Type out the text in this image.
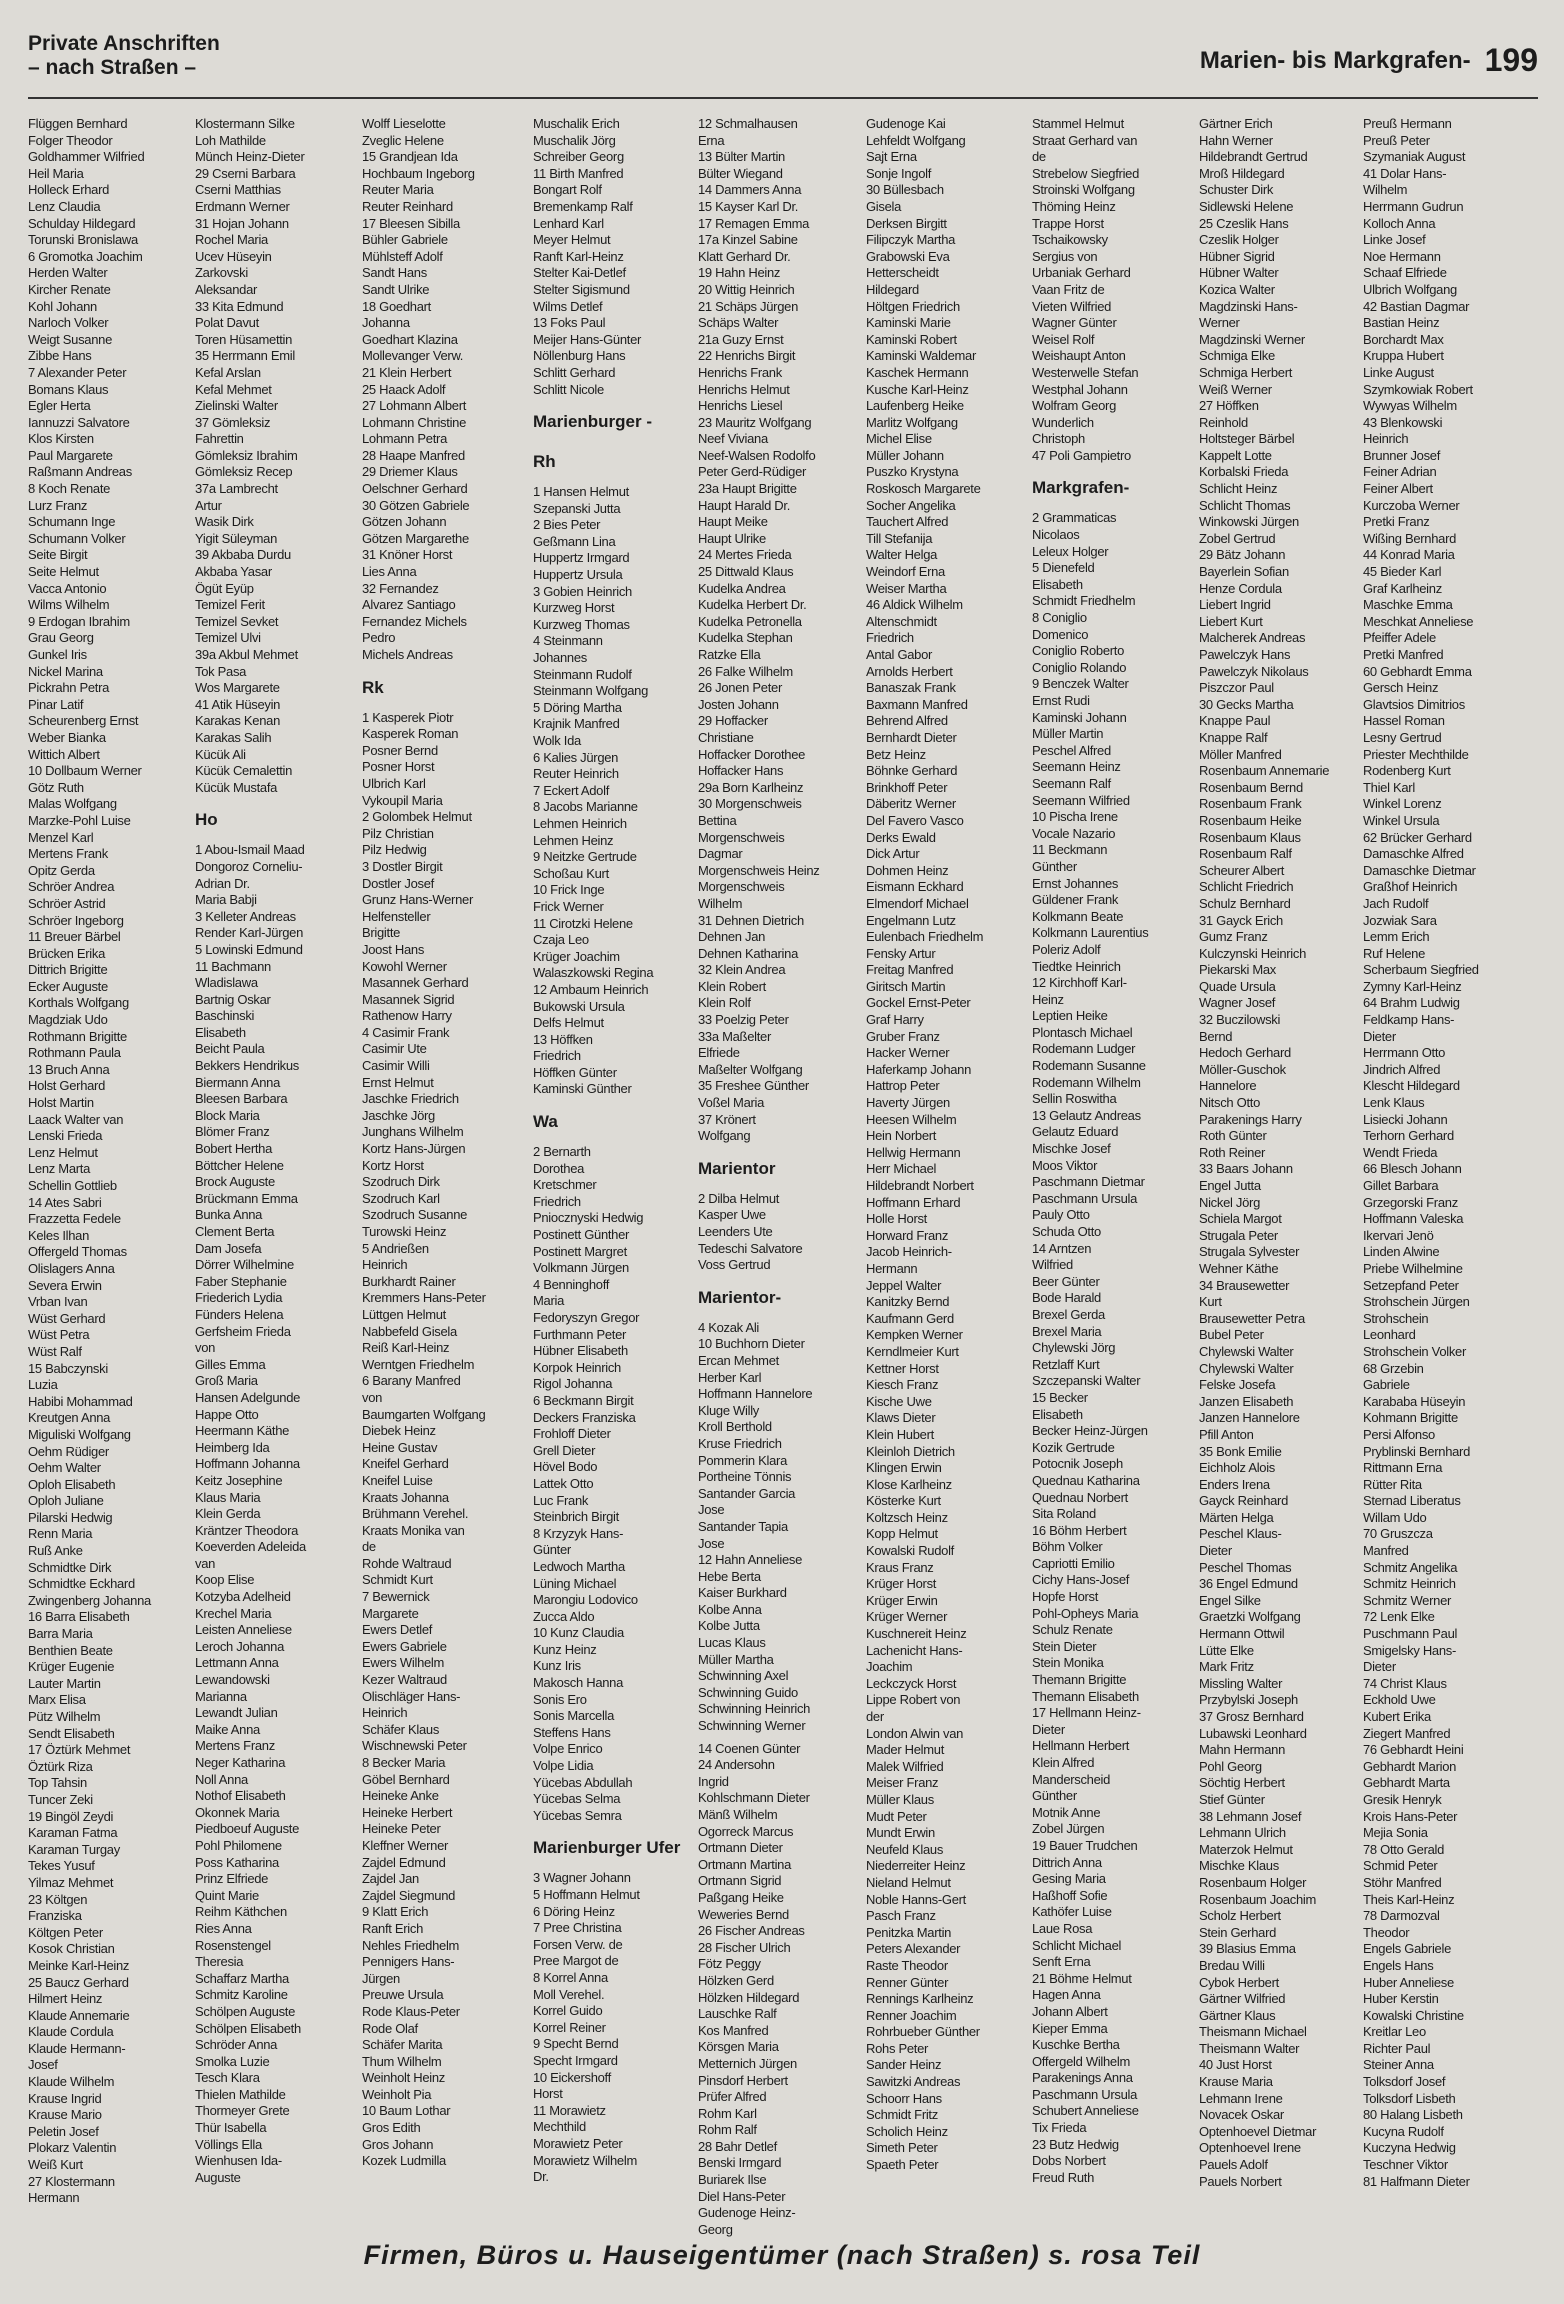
Private Anschriften
– nach Straßen –	Marien- bis Markgrafen- 199
Flüggen Bernhard
Folger Theodor
Goldhammer Wilfried
Heil Maria
Holleck Erhard
Lenz Claudia
Schulday Hildegard
Torunski Bronislawa
6 Gromotka Joachim
Herden Walter
Kircher Renate
Kohl Johann
Narloch Volker
Weigt Susanne
Zibbe Hans
7 Alexander Peter
Bomans Klaus
Egler Herta
Iannuzzi Salvatore
Klos Kirsten
Paul Margarete
Raßmann Andreas
8 Koch Renate
Lurz Franz
Schumann Inge
Schumann Volker
Seite Birgit
Seite Helmut
Vacca Antonio
Wilms Wilhelm
9 Erdogan Ibrahim
Grau Georg
Gunkel Iris
Nickel Marina
Pickrahn Petra
Pinar Latif
Scheurenberg Ernst
Weber Bianka
Wittich Albert
10 Dollbaum Werner
Götz Ruth
Malas Wolfgang
Marzke-Pohl Luise
Menzel Karl
Mertens Frank
Opitz Gerda
Schröer Andrea
Schröer Astrid
Schröer Ingeborg
11 Breuer Bärbel
Brücken Erika
Dittrich Brigitte
Ecker Auguste
Korthals Wolfgang
Magdziak Udo
Rothmann Brigitte
Rothmann Paula
13 Bruch Anna
Holst Gerhard
Holst Martin
Laack Walter van
Lenski Frieda
Lenz Helmut
Lenz Marta
Schellin Gottlieb
14 Ates Sabri
Frazzetta Fedele
Keles Ilhan
Offergeld Thomas
Olislagers Anna
Severa Erwin
Vrban Ivan
Wüst Gerhard
Wüst Petra
Wüst Ralf
15 Babczynski
Luzia
Habibi Mohammad
Kreutgen Anna
Miguliski Wolfgang
Oehm Rüdiger
Oehm Walter
Oploh Elisabeth
Oploh Juliane
Pilarski Hedwig
Renn Maria
Ruß Anke
Schmidtke Dirk
Schmidtke Eckhard
Zwingenberg Johanna
16 Barra Elisabeth
Barra Maria
Benthien Beate
Krüger Eugenie
Lauter Martin
Marx Elisa
Pütz Wilhelm
Sendt Elisabeth
17 Öztürk Mehmet
Öztürk Riza
Top Tahsin
Tuncer Zeki
19 Bingöl Zeydi
Karaman Fatma
Karaman Turgay
Tekes Yusuf
Yilmaz Mehmet
23 Költgen
Franziska
Költgen Peter
Kosok Christian
Meinke Karl-Heinz
25 Baucz Gerhard
Hilmert Heinz
Klaude Annemarie
Klaude Cordula
Klaude Hermann-
Josef
Klaude Wilhelm
Krause Ingrid
Krause Mario
Peletin Josef
Plokarz Valentin
Weiß Kurt
27 Klostermann
Hermann
Klostermann Silke
Loh Mathilde
Münch Heinz-Dieter
29 Cserni Barbara
Cserni Matthias
Erdmann Werner
31 Hojan Johann
Rochel Maria
Ucev Hüseyin
Zarkovski
Aleksandar
33 Kita Edmund
Polat Davut
Toren Hüsamettin
35 Herrmann Emil
Kefal Arslan
Kefal Mehmet
Zielinski Walter
37 Gömleksiz
Fahrettin
Gömleksiz Ibrahim
Gömleksiz Recep
37a Lambrecht
Artur
Wasik Dirk
Yigit Süleyman
39 Akbaba Durdu
Akbaba Yasar
Ögüt Eyüp
Temizel Ferit
Temizel Sevket
Temizel Ulvi
39a Akbul Mehmet
Tok Pasa
Wos Margarete
41 Atik Hüseyin
Karakas Kenan
Karakas Salih
Kücük Ali
Kücük Cemalettin
Kücük Mustafa
Ho
1 Abou-Ismail Maad
Dongoroz Corneliu-
Adrian Dr.
Maria Babji
3 Kelleter Andreas
Render Karl-Jürgen
5 Lowinski Edmund
11 Bachmann
Wladislawa
Bartnig Oskar
Baschinski
Elisabeth
Beicht Paula
Bekkers Hendrikus
Biermann Anna
Bleesen Barbara
Block Maria
Blömer Franz
Bobert Hertha
Böttcher Helene
Brock Auguste
Brückmann Emma
Bunka Anna
Clement Berta
Dam Josefa
Dörrer Wilhelmine
Faber Stephanie
Friederich Lydia
Fünders Helena
Gerfsheim Frieda
von
Gilles Emma
Groß Maria
Hansen Adelgunde
Happe Otto
Heermann Käthe
Heimberg Ida
Hoffmann Johanna
Keitz Josephine
Klaus Maria
Klein Gerda
Kräntzer Theodora
Koeverden Adeleida
van
Koop Elise
Kotzyba Adelheid
Krechel Maria
Leisten Anneliese
Leroch Johanna
Lettmann Anna
Lewandowski
Marianna
Lewandt Julian
Maike Anna
Mertens Franz
Neger Katharina
Noll Anna
Nothof Elisabeth
Okonnek Maria
Piedboeuf Auguste
Pohl Philomene
Poss Katharina
Prinz Elfriede
Quint Marie
Reihm Käthchen
Ries Anna
Rosenstengel
Theresia
Schaffarz Martha
Schmitz Karoline
Schölpen Auguste
Schölpen Elisabeth
Schröder Anna
Smolka Luzie
Tesch Klara
Thielen Mathilde
Thormeyer Grete
Thür Isabella
Völlings Ella
Wienhusen Ida-
Auguste
Wolff Lieselotte
Zveglic Helene
15 Grandjean Ida
Hochbaum Ingeborg
Reuter Maria
Reuter Reinhard
17 Bleesen Sibilla
Bühler Gabriele
Mühlsteff Adolf
Sandt Hans
Sandt Ulrike
18 Goedhart
Johanna
Goedhart Klazina
Mollevanger Verw.
21 Klein Herbert
25 Haack Adolf
27 Lohmann Albert
Lohmann Christine
Lohmann Petra
28 Haape Manfred
29 Driemer Klaus
Oelschner Gerhard
30 Götzen Gabriele
Götzen Johann
Götzen Margarethe
31 Knöner Horst
Lies Anna
32 Fernandez
Alvarez Santiago
Fernandez Michels
Pedro
Michels Andreas
Rk
1 Kasperek Piotr
Kasperek Roman
Posner Bernd
Posner Horst
Ulbrich Karl
Vykoupil Maria
2 Golombek Helmut
Pilz Christian
Pilz Hedwig
3 Dostler Birgit
Dostler Josef
Grunz Hans-Werner
Helfensteller
Brigitte
Joost Hans
Kowohl Werner
Masannek Gerhard
Masannek Sigrid
Rathenow Harry
4 Casimir Frank
Casimir Ute
Casimir Willi
Ernst Helmut
Jaschke Friedrich
Jaschke Jörg
Junghans Wilhelm
Kortz Hans-Jürgen
Kortz Horst
Szodruch Dirk
Szodruch Karl
Szodruch Susanne
Turowski Heinz
5 Andrießen
Heinrich
Burkhardt Rainer
Kremmers Hans-Peter
Lüttgen Helmut
Nabbefeld Gisela
Reiß Karl-Heinz
Werntgen Friedhelm
6 Barany Manfred
von
Baumgarten Wolfgang
Diebek Heinz
Heine Gustav
Kneifel Gerhard
Kneifel Luise
Kraats Johanna
Brühmann Verehel.
Kraats Monika van
de
Rohde Waltraud
Schmidt Kurt
7 Bewernick
Margarete
Ewers Detlef
Ewers Gabriele
Ewers Wilhelm
Kezer Waltraud
Olischläger Hans-
Heinrich
Schäfer Klaus
Wischnewski Peter
8 Becker Maria
Göbel Bernhard
Heineke Anke
Heineke Herbert
Heineke Peter
Kleffner Werner
Zajdel Edmund
Zajdel Jan
Zajdel Siegmund
9 Klatt Erich
Ranft Erich
Nehles Friedhelm
Pennigers Hans-
Jürgen
Preuwe Ursula
Rode Klaus-Peter
Rode Olaf
Schäfer Marita
Thum Wilhelm
Weinholt Heinz
Weinholt Pia
10 Baum Lothar
Gros Edith
Gros Johann
Kozek Ludmilla
Muschalik Erich
Muschalik Jörg
Schreiber Georg
11 Birth Manfred
Bongart Rolf
Bremenkamp Ralf
Lenhard Karl
Meyer Helmut
Ranft Karl-Heinz
Stelter Kai-Detlef
Stelter Sigismund
Wilms Detlef
13 Foks Paul
Meijer Hans-Günter
Nöllenburg Hans
Schlitt Gerhard
Schlitt Nicole
Marienburger -
Rh
1 Hansen Helmut
Szepanski Jutta
2 Bies Peter
Geßmann Lina
Huppertz Irmgard
Huppertz Ursula
3 Gobien Heinrich
Kurzweg Horst
Kurzweg Thomas
4 Steinmann
Johannes
Steinmann Rudolf
Steinmann Wolfgang
5 Döring Martha
Krajnik Manfred
Wolk Ida
6 Kalies Jürgen
Reuter Heinrich
7 Eckert Adolf
8 Jacobs Marianne
Lehmen Heinrich
Lehmen Heinz
9 Neitzke Gertrude
Schoßau Kurt
10 Frick Inge
Frick Werner
11 Cirotzki Helene
Czaja Leo
Krüger Joachim
Walaszkowski Regina
12 Ambaum Heinrich
Bukowski Ursula
Delfs Helmut
13 Höffken
Friedrich
Höffken Günter
Kaminski Günther
Wa
2 Bernarth
Dorothea
Kretschmer
Friedrich
Pniocznyski Hedwig
Postinett Günther
Postinett Margret
Volkmann Jürgen
4 Benninghoff
Maria
Fedoryszyn Gregor
Furthmann Peter
Hübner Elisabeth
Korpok Heinrich
Rigol Johanna
6 Beckmann Birgit
Deckers Franziska
Frohloff Dieter
Grell Dieter
Hövel Bodo
Lattek Otto
Luc Frank
Steinbrich Birgit
8 Krzyzyk Hans-
Günter
Ledwoch Martha
Lüning Michael
Marongiu Lodovico
Zucca Aldo
10 Kunz Claudia
Kunz Heinz
Kunz Iris
Makosch Hanna
Sonis Ero
Sonis Marcella
Steffens Hans
Volpe Enrico
Volpe Lidia
Yücebas Abdullah
Yücebas Selma
Yücebas Semra
Marienburger Ufer
3 Wagner Johann
5 Hoffmann Helmut
6 Döring Heinz
7 Pree Christina
Forsen Verw. de
Pree Margot de
8 Korrel Anna
Moll Verehel.
Korrel Guido
Korrel Reiner
9 Specht Bernd
Specht Irmgard
10 Eickershoff
Horst
11 Morawietz
Mechthild
Morawietz Peter
Morawietz Wilhelm
Dr.
12 Schmalhausen
Erna
13 Bülter Martin
Bülter Wiegand
14 Dammers Anna
15 Kayser Karl Dr.
17 Remagen Emma
17a Kinzel Sabine
Klatt Gerhard Dr.
19 Hahn Heinz
20 Wittig Heinrich
21 Schäps Jürgen
Schäps Walter
21a Guzy Ernst
22 Henrichs Birgit
Henrichs Frank
Henrichs Helmut
Henrichs Liesel
23 Mauritz Wolfgang
Neef Viviana
Neef-Walsen Rodolfo
Peter Gerd-Rüdiger
23a Haupt Brigitte
Haupt Harald Dr.
Haupt Meike
Haupt Ulrike
24 Mertes Frieda
25 Dittwald Klaus
Kudelka Andrea
Kudelka Herbert Dr.
Kudelka Petronella
Kudelka Stephan
Ratzke Ella
26 Falke Wilhelm
26 Jonen Peter
Josten Johann
29 Hoffacker
Christiane
Hoffacker Dorothee
Hoffacker Hans
29a Born Karlheinz
30 Morgenschweis
Bettina
Morgenschweis
Dagmar
Morgenschweis Heinz
Morgenschweis
Wilhelm
31 Dehnen Dietrich
Dehnen Jan
Dehnen Katharina
32 Klein Andrea
Klein Robert
Klein Rolf
33 Poelzig Peter
33a Maßelter
Elfriede
Maßelter Wolfgang
35 Freshee Günther
Voßel Maria
37 Krönert
Wolfgang
Marientor
2 Dilba Helmut
Kasper Uwe
Leenders Ute
Tedeschi Salvatore
Voss Gertrud
Marientor-
4 Kozak Ali
10 Buchhorn Dieter
Ercan Mehmet
Herber Karl
Hoffmann Hannelore
Kluge Willy
Kroll Berthold
Kruse Friedrich
Pommerin Klara
Portheine Tönnis
Santander Garcia
Jose
Santander Tapia
Jose
12 Hahn Anneliese
Hebe Berta
Kaiser Burkhard
Kolbe Anna
Kolbe Jutta
Lucas Klaus
Müller Martha
Schwinning Axel
Schwinning Guido
Schwinning Heinrich
Schwinning Werner
14 Coenen Günter
24 Andersohn
Ingrid
Kohlschmann Dieter
Mänß Wilhelm
Ogorreck Marcus
Ortmann Dieter
Ortmann Martina
Ortmann Sigrid
Paßgang Heike
Weweries Bernd
26 Fischer Andreas
28 Fischer Ulrich
Fötz Peggy
Hölzken Gerd
Hölzken Hildegard
Lauschke Ralf
Kos Manfred
Körsgen Maria
Metternich Jürgen
Pinsdorf Herbert
Prüfer Alfred
Rohm Karl
Rohm Ralf
28 Bahr Detlef
Benski Irmgard
Buriarek Ilse
Diel Hans-Peter
Gudenoge Heinz-
Georg
Gudenoge Kai
Lehfeldt Wolfgang
Sajt Erna
Sonje Ingolf
30 Büllesbach
Gisela
Derksen Birgitt
Filipczyk Martha
Grabowski Eva
Hetterscheidt
Hildegard
Höltgen Friedrich
Kaminski Marie
Kaminski Robert
Kaminski Waldemar
Kaschek Hermann
Kusche Karl-Heinz
Laufenberg Heike
Marlitz Wolfgang
Michel Elise
Müller Johann
Puszko Krystyna
Roskosch Margarete
Socher Angelika
Tauchert Alfred
Till Stefanija
Walter Helga
Weindorf Erna
Weiser Martha
46 Aldick Wilhelm
Altenschmidt
Friedrich
Antal Gabor
Arnolds Herbert
Banaszak Frank
Baxmann Manfred
Behrend Alfred
Bernhardt Dieter
Betz Heinz
Böhnke Gerhard
Brinkhoff Peter
Däberitz Werner
Del Favero Vasco
Derks Ewald
Dick Artur
Dohmen Heinz
Eismann Eckhard
Elmendorf Michael
Engelmann Lutz
Eulenbach Friedhelm
Fensky Artur
Freitag Manfred
Giritsch Martin
Gockel Ernst-Peter
Graf Harry
Gruber Franz
Hacker Werner
Haferkamp Johann
Hattrop Peter
Haverty Jürgen
Heesen Wilhelm
Hein Norbert
Hellwig Hermann
Herr Michael
Hildebrandt Norbert
Hoffmann Erhard
Holle Horst
Horward Franz
Jacob Heinrich-
Hermann
Jeppel Walter
Kanitzky Bernd
Kaufmann Gerd
Kempken Werner
Kerndlmeier Kurt
Kettner Horst
Kiesch Franz
Kische Uwe
Klaws Dieter
Klein Hubert
Kleinloh Dietrich
Klingen Erwin
Klose Karlheinz
Kösterke Kurt
Koltzsch Heinz
Kopp Helmut
Kowalski Rudolf
Kraus Franz
Krüger Horst
Krüger Erwin
Krüger Werner
Kuschnereit Heinz
Lachenicht Hans-
Joachim
Leckczyck Horst
Lippe Robert von
der
London Alwin van
Mader Helmut
Malek Wilfried
Meiser Franz
Müller Klaus
Mudt Peter
Mundt Erwin
Neufeld Klaus
Niederreiter Heinz
Nieland Helmut
Noble Hanns-Gert
Pasch Franz
Penitzka Martin
Peters Alexander
Raste Theodor
Renner Günter
Rennings Karlheinz
Renner Joachim
Rohrbueber Günther
Rohs Peter
Sander Heinz
Sawitzki Andreas
Schoorr Hans
Schmidt Fritz
Scholich Heinz
Simeth Peter
Spaeth Peter
Stammel Helmut
Straat Gerhard van
de
Strebelow Siegfried
Stroinski Wolfgang
Thöming Heinz
Trappe Horst
Tschaikowsky
Sergius von
Urbaniak Gerhard
Vaan Fritz de
Vieten Wilfried
Wagner Günter
Weisel Rolf
Weishaupt Anton
Westerwelle Stefan
Westphal Johann
Wolfram Georg
Wunderlich
Christoph
47 Poli Gampietro
Markgrafen-
2 Grammaticas
Nicolaos
Leleux Holger
5 Dienefeld
Elisabeth
Schmidt Friedhelm
8 Coniglio
Domenico
Coniglio Roberto
Coniglio Rolando
9 Benczek Walter
Ernst Rudi
Kaminski Johann
Müller Martin
Peschel Alfred
Seemann Heinz
Seemann Ralf
Seemann Wilfried
10 Pischa Irene
Vocale Nazario
11 Beckmann
Günther
Ernst Johannes
Güldener Frank
Kolkmann Beate
Kolkmann Laurentius
Poleriz Adolf
Tiedtke Heinrich
12 Kirchhoff Karl-
Heinz
Leptien Heike
Plontasch Michael
Rodemann Ludger
Rodemann Susanne
Rodemann Wilhelm
Sellin Roswitha
13 Gelautz Andreas
Gelautz Eduard
Mischke Josef
Moos Viktor
Paschmann Dietmar
Paschmann Ursula
Pauly Otto
Schuda Otto
14 Arntzen
Wilfried
Beer Günter
Bode Harald
Brexel Gerda
Brexel Maria
Chylewski Jörg
Retzlaff Kurt
Szczepanski Walter
15 Becker
Elisabeth
Becker Heinz-Jürgen
Kozik Gertrude
Potocnik Joseph
Quednau Katharina
Quednau Norbert
Sita Roland
16 Böhm Herbert
Böhm Volker
Capriotti Emilio
Cichy Hans-Josef
Hopfe Horst
Pohl-Opheys Maria
Schulz Renate
Stein Dieter
Stein Monika
Themann Brigitte
Themann Elisabeth
17 Hellmann Heinz-
Dieter
Hellmann Herbert
Klein Alfred
Manderscheid
Günther
Motnik Anne
Zobel Jürgen
19 Bauer Trudchen
Dittrich Anna
Gesing Maria
Haßhoff Sofie
Kathöfer Luise
Laue Rosa
Schlicht Michael
Senft Erna
21 Böhme Helmut
Hagen Anna
Johann Albert
Kieper Emma
Kuschke Bertha
Offergeld Wilhelm
Parakenings Anna
Paschmann Ursula
Schubert Anneliese
Tix Frieda
23 Butz Hedwig
Dobs Norbert
Freud Ruth
Gärtner Erich
Hahn Werner
Hildebrandt Gertrud
Mroß Hildegard
Schuster Dirk
Sidlewski Helene
25 Czeslik Hans
Czeslik Holger
Hübner Sigrid
Hübner Walter
Kozica Walter
Magdzinski Hans-
Werner
Magdzinski Werner
Schmiga Elke
Schmiga Herbert
Weiß Werner
27 Höffken
Reinhold
Holtsteger Bärbel
Kappelt Lotte
Korbalski Frieda
Schlicht Heinz
Schlicht Thomas
Winkowski Jürgen
Zobel Gertrud
29 Bätz Johann
Bayerlein Sofian
Henze Cordula
Liebert Ingrid
Liebert Kurt
Malcherek Andreas
Pawelczyk Hans
Pawelczyk Nikolaus
Piszczor Paul
30 Gecks Martha
Knappe Paul
Knappe Ralf
Möller Manfred
Rosenbaum Annemarie
Rosenbaum Bernd
Rosenbaum Frank
Rosenbaum Heike
Rosenbaum Klaus
Rosenbaum Ralf
Scheurer Albert
Schlicht Friedrich
Schulz Bernhard
31 Gayck Erich
Gumz Franz
Kulczynski Heinrich
Piekarski Max
Quade Ursula
Wagner Josef
32 Buczilowski
Bernd
Hedoch Gerhard
Möller-Guschok
Hannelore
Nitsch Otto
Parakenings Harry
Roth Günter
Roth Reiner
33 Baars Johann
Engel Jutta
Nickel Jörg
Schiela Margot
Strugala Peter
Strugala Sylvester
Wehner Käthe
34 Brausewetter
Kurt
Brausewetter Petra
Bubel Peter
Chylewski Walter
Chylewski Walter
Felske Josefa
Janzen Elisabeth
Janzen Hannelore
Pfill Anton
35 Bonk Emilie
Eichholz Alois
Enders Irena
Gayck Reinhard
Märten Helga
Peschel Klaus-
Dieter
Peschel Thomas
36 Engel Edmund
Engel Silke
Graetzki Wolfgang
Hermann Ottwil
Lütte Elke
Mark Fritz
Missling Walter
Przybylski Joseph
37 Grosz Bernhard
Lubawski Leonhard
Mahn Hermann
Pohl Georg
Söchtig Herbert
Stief Günter
38 Lehmann Josef
Lehmann Ulrich
Materzok Helmut
Mischke Klaus
Rosenbaum Holger
Rosenbaum Joachim
Scholz Herbert
Stein Gerhard
39 Blasius Emma
Bredau Willi
Cybok Herbert
Gärtner Wilfried
Gärtner Klaus
Theismann Michael
Theismann Walter
40 Just Horst
Krause Maria
Lehmann Irene
Novacek Oskar
Optenhoevel Dietmar
Optenhoevel Irene
Pauels Adolf
Pauels Norbert
Preuß Hermann
Preuß Peter
Szymaniak August
41 Dolar Hans-
Wilhelm
Herrmann Gudrun
Kolloch Anna
Linke Josef
Noe Hermann
Schaaf Elfriede
Ulbrich Wolfgang
42 Bastian Dagmar
Bastian Heinz
Borchardt Max
Kruppa Hubert
Linke August
Szymkowiak Robert
Wywyas Wilhelm
43 Blenkowski
Heinrich
Brunner Josef
Feiner Adrian
Feiner Albert
Kurczoba Werner
Pretki Franz
Wißing Bernhard
44 Konrad Maria
45 Bieder Karl
Graf Karlheinz
Maschke Emma
Meschkat Anneliese
Pfeiffer Adele
Pretki Manfred
60 Gebhardt Emma
Gersch Heinz
Glavtsios Dimitrios
Hassel Roman
Lesny Gertrud
Priester Mechthilde
Rodenberg Kurt
Thiel Karl
Winkel Lorenz
Winkel Ursula
62 Brücker Gerhard
Damaschke Alfred
Damaschke Dietmar
Graßhof Heinrich
Jach Rudolf
Jozwiak Sara
Lemm Erich
Ruf Helene
Scherbaum Siegfried
Zymny Karl-Heinz
64 Brahm Ludwig
Feldkamp Hans-
Dieter
Herrmann Otto
Jindrich Alfred
Klescht Hildegard
Lenk Klaus
Lisiecki Johann
Terhorn Gerhard
Wendt Frieda
66 Blesch Johann
Gillet Barbara
Grzegorski Franz
Hoffmann Valeska
Ikervari Jenö
Linden Alwine
Priebe Wilhelmine
Setzepfand Peter
Strohschein Jürgen
Strohschein
Leonhard
Strohschein Volker
68 Grzebin
Gabriele
Karababa Hüseyin
Kohmann Brigitte
Persi Alfonso
Pryblinski Bernhard
Rittmann Erna
Rütter Rita
Sternad Liberatus
Willam Udo
70 Gruszcza
Manfred
Schmitz Angelika
Schmitz Heinrich
Schmitz Werner
72 Lenk Elke
Puschmann Paul
Smigelsky Hans-
Dieter
74 Christ Klaus
Eckhold Uwe
Kubert Erika
Ziegert Manfred
76 Gebhardt Heini
Gebhardt Marion
Gebhardt Marta
Gresik Henryk
Krois Hans-Peter
Mejia Sonia
78 Otto Gerald
Schmid Peter
Stöhr Manfred
Theis Karl-Heinz
78 Darmozval
Theodor
Engels Gabriele
Engels Hans
Huber Anneliese
Huber Kerstin
Kowalski Christine
Kreitlar Leo
Richter Paul
Steiner Anna
Tolksdorf Josef
Tolksdorf Lisbeth
80 Halang Lisbeth
Kucyna Rudolf
Kuczyna Hedwig
Teschner Viktor
81 Halfmann Dieter
Firmen, Büros u. Hauseigentümer (nach Straßen) s. rosa Teil
